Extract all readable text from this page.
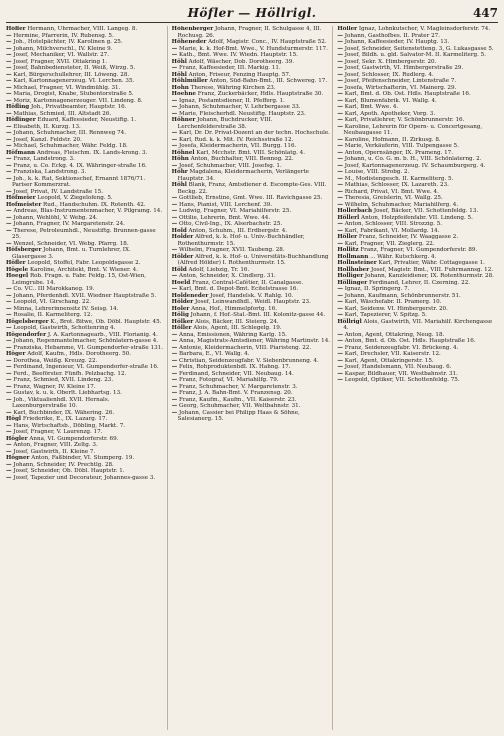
Höfler — Höllrigl.	447

Höfler Hermann, Uhrmacher, VIII. Langeg. 8.

— Hermine, Pfarrerin, IV. Rubensg. 5.

— Joh., Hotelpächter, IV. Karolinen g. 25.

— Johann, Milchverschl., IV. Kleine 9.

— Josef, Mechaniker, VI. Wallstr. 27.

— Josef, Fragner, XVII. Ottakring 1.

— Josef, Bahnbediensteter, II. Weiß, Wirzg. 5.

— Karl, Bürgerschullehrer, III. Löweng. 28.

— Karl, Kartonnagenerzeug. VI. Lerchen. 35.

— Michael, Fragner, VI. Windmühlg. 31.

— Maria, Drogist, Knabe, Stubentorstraße 5.

— Moriz, Kartonnagenerzeuger. VII. Lindeng. 8.

Höfling Joh., Privatbeamter, Hauptstr. 16.

— Mathias, Schmied, III. Altstadt 26.

Höflinger Eduard, Kaffeesieder, Neustiftg. 1.

— Elisabeth, II. Kurzg. 13.

— Johann, Schuhmacher, III. Rennweg 74.

— Josef, Kanzl. Feldstr. 20.

— Michael, Schuhmacher, Währ. Feldg. 18.

Höfmann Andreas, Fleischm. IX. Lands-krong. 3.

— Franz, Landstrong. 3.

— Franz, u. Co. Eckg. 4. IX. Währinger-straße 16.

— Franziska, Landstrong. 3.

— Joh., k. k. Rat, Sektionschef, Ernannt 1876/71. Pariser Kommerzrat.

— Josef, Privat, IV. Landstraße 15.

Höfmeier Leopold, V. Ziegelofeng. 5.

Hofmeister Rud., Handschuhm. IX. Rotenth. 42.

— Andreas, Blas-Instrumentenmacher, V. Pilgramg. 14.

— Johann, Wehlöhl, V. Webg. 24.

— Johann, Fragner, IV. Margaretenstr. 24.

— Therese, Petroleumhdl., Neustiftg. Brunnen-gasse 25.

— Wenzel, Schneider, VI. Webg. Pfarrg. 18.

Höfsberger Johann, Bmt. u. Turnlehrer, IX. Glasergasse 3.

Höfler Leopold, Stoffel, Fabr. Leopoldsgasse 2.

Högele Karoline, Architekt, Bmt. V. Wiener. 4.

Hoegel Rob. Fragn. u. Fabr. Feldg. 15, Ost-Wien, Leimgrube. 14.

— Co. VC.. III Marokkaneg. 19.

— Johann, Pferdenhdl. XVII. Wiedner Hauptstraße 5.

— Leopold, VI. Girschang. 22.

— Minna, Lehrerinnensitz IV. Seisg. 14.

— Rosalie, II. Karmeliterg. 12.

Högelsberger K., Brot. Bitwe, Ob. Döbl. Hauptstr. 45.

— Leopold, Gastwirth, Schottenring 4.

Högendorfer J. A. Kartonnagearb., VIII. Florianig. 4.

— Johann, Regenmantelmacher, Schönlatern-gasse 4.

— Franziska, Hebamme, VI. Gumpendorfer-straße 131.

Höger Adolf, Kaufm., Hdls. Dorotheerg. 50.

— Dorothea, Weißg. Kreuzg. 22.

— Ferdinand, Ingenieur, VI. Gumpendorfer-straße 16.

— Ferd., Beeförster. Fünfh. Pelzbachg. 12.

— Franz, Schmied, XVII. Lindeng. 23.

— Franz, Wagner, IV. Kleine 17.

— Gustav, k. u. k. Oberlt. Liebhartsg. 13.

— Joh., Viktualienhdl. XVII. Hernals. Laxenburgerstraße 10.

— Karl, Buchbinder, IX. Wähering. 26.

Högl Friederike, E., IX. Lazarg. 17.

— Hans, Wirtschaftsb., Döbling, Markt. 7.

— Josef, Fragner, V. Laurenzg. 17.

Högler Anna, VI. Gumpendorferstr. 69.

— Anton, Fragner, VIII. Zeltg. 3.

— Josef, Gastwirth, II. Kleine 7.

Högner Anton, Faßbinder, VI. Stumperg. 19.

— Johann, Schneider, IV. Prechtlg. 28.

— Josef, Schneider, Ob. Döbl. Hauptstr. 1.

— Josef, Tapezier und Decorateur, Johannes-gasse 3.

Höhenberger Johann, Fragner, II. Schulgasse 4, III. Rochusg. 26.

Höheneder Adolf, Magistr. Conc., IV. Hauptstraße 52.

— Marie, k. k. Hof-Bmt. Wwe., V. Hundsturmerstr. 117.

— Kath., Bmt. Wwe. IV. Wiedn. Hauptstr. 15.

Höhl Adolf, Wäscher, Dob. Dorotheerg. 39.

— Franz, Kaffeesieder, III. Markig. 11.

Höhl Anton, Friseur, Fenzing Hauptg. 57.

Höhlmüller Anton, Süd-Bahn-Bmt., III. Schwereg. 17.

Hohn Therese, Währing Kirchen 23.

Hoehne Franz, Zuckerbäcker, Hdls. Hauptstraße 30.

— Ignaz, Postamtsdiener, II. Pfefferg. 1.

— Johann, Schuhmacher, V. Lehrbergasse 33.

— Marie, Fleischerhdl. Neustiftg. Hauptstr. 23.

Höhner Johann, Buchdrucker, VIII. Lerchenfelderstraße 38.

— Karl, Dr. Dr. Privat-Dozent an der techn. Hochschule.

— Karl, Rud. k. k. Mit. IV. Reichsstraße 12.

— Josefa, Kleidermacherin, VII. Burgg. 116.

Höhnel Karl, Mcchstr. Bmt. VIII. Schönlatg. 4.

Höhn Anton, Buchhalter, VIII. Bennog. 22.

— Josef, Schuhmacher, VIII. Josefsg. 1.

Höhr Magdalena, Kleidermacherin, Verlängerte Hauptstr. 34.

Höhl Blank, Franz, Amtsdiener d. Escompte-Ges. VIII. Beckg. 22.

— Gottlieb, Ernstine, Gmt. Wwe. III. Ravichgasse 25.

— Hans, Pianist, VIII. Lerchenf. 39.

— Ludwig, Fragner, VI. Mariahilferstr. 25.

— Ottilie, Lehrerin, Bmt. Wwe. 44.

— Otto, Civil-Ing., IX. Alserbachstr. 25.

Hold Anton, Schuhm., III. Erdbergstr. 4.

Holder Alfred, k. k. Hof- u. Univ.-Buchhändler, Rothenthurmstr. 15.

— Wilhelm, Fragner, XVII. Taubeng. 28.

Hölder Alfred, k. k. Hof- u. Universitäts-Buchhandlung (Alfred Hölder) I. Rothenthurmstr. 15.

Höld Adolf, Liebzig, Tr. 16.

— Anton, Schneider, X. Cindlerg. 31.

Hoeld Franz, Central-Cafétier, II. Canalgasse.

— Karl, Bmt. d. Depot-Bmt. Ecitelstrasse 16.

Holdeneder Josef, Handelsk. V. Rahlg. 10.

Hölder Josef, Leinwandhdl., Weidl. Hauptstr. 23.

Holer Anna, Hof., Himmelpfortg. 16.

Hölig Johann, f. Hof.-Stal.-Bmt. III. Kolonitz-gasse 44.

Hölker Alois, Bäcker, III. Steierg. 24.

Höller Alois, Agent, III. Schlegelg. 19.

— Anna, Emissionen, Währing Karlg. 15.

— Anna, Magistrats-Amtsdiener, Währing Martinstr. 14.

— Antonie, Kleidermacherin, VIII. Piaristeng. 22.

— Barbara, E., VI. Wallg. 4.

— Christian, Seidenzeugfabr. V. Siebenbrunneng. 4.

— Felix, Rohproduktenhdl. IX. Hahng. 17.

— Ferdinand, Schneider, VII. Neubaug. 14.

— Franz, Fotograf, VI. Mariahilfg. 79.

— Franz, Schuhmacher, V. Margaretenstr. 3.

— Franz, J. A. Bahn-Bmt. V. Franzensg. 20.

— Franz, Kaufm., Kaufm., VII. Kaiserstr. 23.

— Georg, Schuhmacher, VII. Weltbahnstr. 31.

— Johann, Cassier bei Philipp Haas & Söhne, Salesianerg. 15.

Höller Ignaz, Lohnkutscher, V. Magleinsdorferstr. 74.

— Johann, Gasthofbes. II. Prater 27.

— Johann, Kaffeesieder, IV. Hauptg. 13.

— Josef, Schneider, Seitenstetteng. 3, G. Lukasgasse 5.

— Josef, Bildh. u. gld. Salvator-M. II. Karmeliterg. 5.

— Josef, Sekr. X. Himbergerstr. 20.

— Josef, Gastwirth, VI. Himbergerstraße 29.

— Josef, Schlosser, IX. Rudlerg. 4.

— Josef, Pfeifenschneider, Lintenstraße 7.

— Josefa, Wirtschafterin, VI. Mainerg. 29.

— Karl, Bmt. d. Ob. Ost. Hdls. Hauptstraße 16.

— Karl, Blumenfabrik. VI. Wallg. 4.

— Karl, Bmt. Wwe. 4.

— Karl, Apoth. Apotheker, Vorg. 3.

— Karl, Privatlehrer, V. Schönbrunnerstr. 16.

— Karoline, Lehrerin für Opern- u. Concertgesang, Neubaugasse 11.

— Karoline, Hofmann, II. Zirkusg. 8.

— Marie, Verkäuferin, VIII. Tulpengasse 5.

— Anton, Opernsänger, IX. Prameng. 17.

— Johann, u. Co. G. m. b. H., VIII. Schönlaterng. 2.

— Josef, Kartonnagenerzeug. IV. Schaumburgerg. 4.

— Louise, VIII. Strobg. 2.

— M., Modistengesch. II. Karmeliterg. 5.

— Mathias, Schlosser, IX. Lazareth. 23.

— Richard, Privat, VI. Bmt. Wwe. 4.

— Theresia, Greislerin, VI. Wallg. 25.

— Wilhelm, Schuhmacher, Mariahilferg. 4.

Hollerbach Josef, Bäcker, VII. Schottenfeldg. 13.

Höllerl Anton, Holzpfeifenfabr. VII. Lindeng. 5.

— Anton, Schlosser, VIII. Strozzig. 5.

— Karl, Fabrikant, VI. Mollardg. 14.

Höller Franz, Schneider, IV. Waaggasse 2.

— Karl, Fragner, VII. Zieglerg. 22.

Hollitz Franz, Fragner, VI. Gumpendorferstr. 89.

Hollmann ... Währ. Kutschkerg. 4.

Hollnsteiner Karl, Privatier, Währ. Cottagegasse 1.

Hollhuber Josef, Magistr. Bmt., VIII. Fuhrmannsg. 12.

Holliger Johann, Kanzleidiener, IX. Rotenthurmstr. 28.

Höllinger Ferdinand, Lehrer, II. Czerning. 22.

— Ignaz, II. Springerg. 7.

— Johann, Kaufmann, Schönbrunnerstr. 51.

— Karl, Wäschefabr. II. Pramerg. 10.

— Karl, Seidenw. VI. Himbergerstr. 20.

— Karl, Tapezierer, V. Spitzg. 5.

Höllrigl Alois, Gastwirth, VII. Mariahilf. Kirchengasse 4.

— Anton, Agent, Ottakring, Neug. 18.

— Anton, Bmt. d. Ob. Ost. Hdls. Hauptstraße 16.

— Franz, Seidenzeugfabr. VI. Brückeng. 4.

— Karl, Drechsler, VII. Kaiserstr. 12.

— Karl, Agent, Ottakringerstr. 15.

— Josef, Handelsmann, VII. Neubaug. 6.

— Kaspar, Bildhauer, VII. Westbahnstr. 31.

— Leopold, Optiker, VII. Schottenfeldg. 75.
